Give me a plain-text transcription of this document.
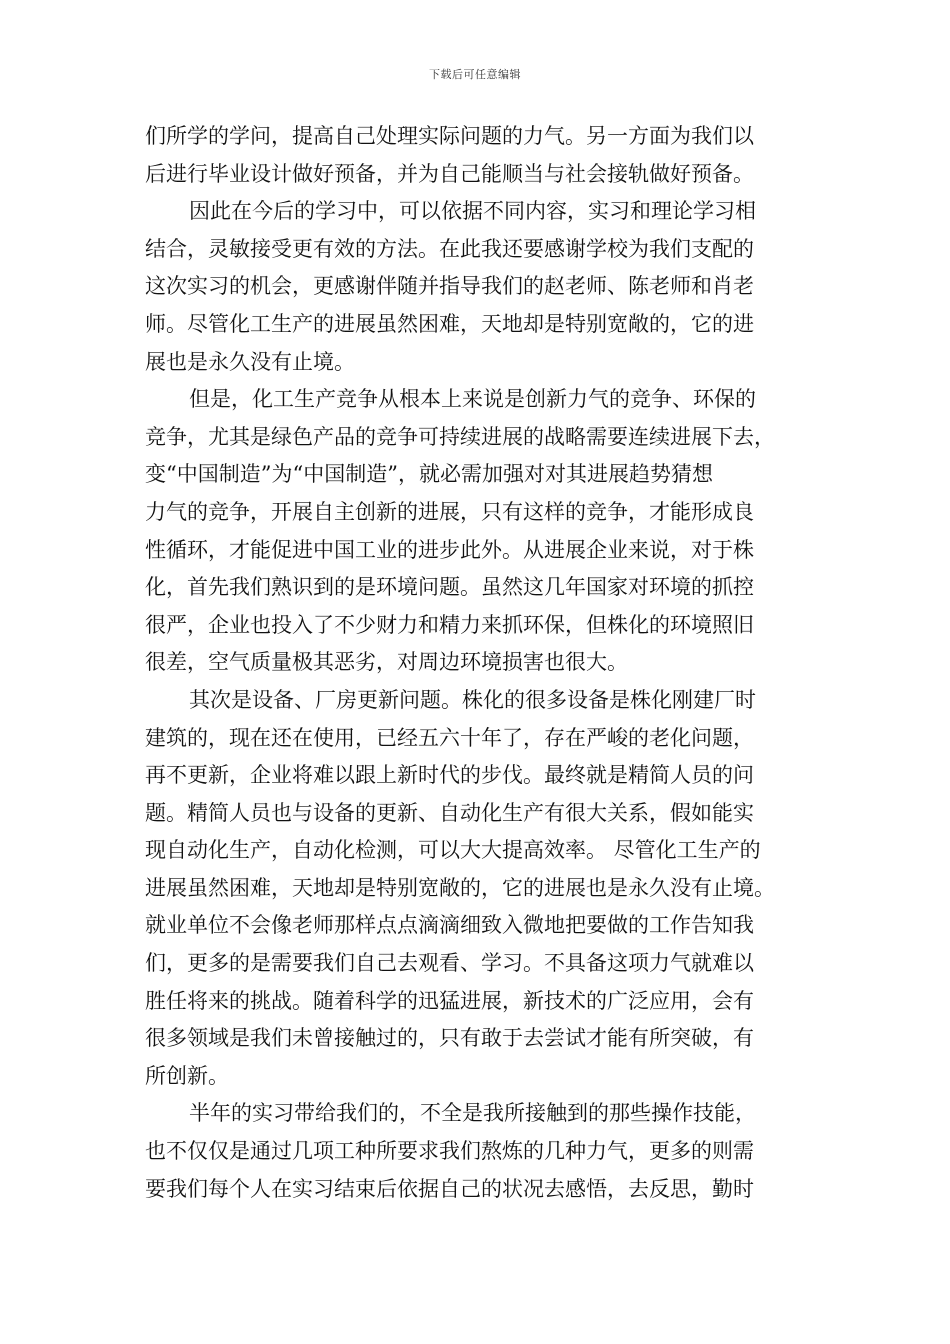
下载后可任意编辑
们所学的学问，提高自己处理实际问题的力气。另一方面为我们以
后进行毕业设计做好预备，并为自己能顺当与社会接轨做好预备。
因此在今后的学习中，可以依据不同内容，实习和理论学习相
结合，灵敏接受更有效的方法。在此我还要感谢学校为我们支配的
这次实习的机会，更感谢伴随并指导我们的赵老师、陈老师和肖老
师。尽管化工生产的进展虽然困难，天地却是特别宽敞的，它的进
展也是永久没有止境。
但是，化工生产竞争从根本上来说是创新力气的竞争、环保的
竞争，尤其是绿色产品的竞争可持续进展的战略需要连续进展下去，
变“中国制造”为“中国制造”，就必需加强对对其进展趋势猜想
力气的竞争，开展自主创新的进展，只有这样的竞争，才能形成良
性循环，才能促进中国工业的进步此外。从进展企业来说，对于株
化，首先我们熟识到的是环境问题。虽然这几年国家对环境的抓控
很严，企业也投入了不少财力和精力来抓环保，但株化的环境照旧
很差，空气质量极其恶劣，对周边环境损害也很大。
其次是设备、厂房更新问题。株化的很多设备是株化刚建厂时
建筑的，现在还在使用，已经五六十年了，存在严峻的老化问题，
再不更新，企业将难以跟上新时代的步伐。最终就是精简人员的问
题。精简人员也与设备的更新、自动化生产有很大关系，假如能实
现自动化生产，自动化检测，可以大大提高效率。 尽管化工生产的
进展虽然困难，天地却是特别宽敞的，它的进展也是永久没有止境。
就业单位不会像老师那样点点滴滴细致入微地把要做的工作告知我
们，更多的是需要我们自己去观看、学习。不具备这项力气就难以
胜任将来的挑战。随着科学的迅猛进展，新技术的广泛应用，会有
很多领域是我们未曾接触过的，只有敢于去尝试才能有所突破，有
所创新。
半年的实习带给我们的，不全是我所接触到的那些操作技能，
也不仅仅是通过几项工种所要求我们熬炼的几种力气，更多的则需
要我们每个人在实习结束后依据自己的状况去感悟，去反思，勤时
